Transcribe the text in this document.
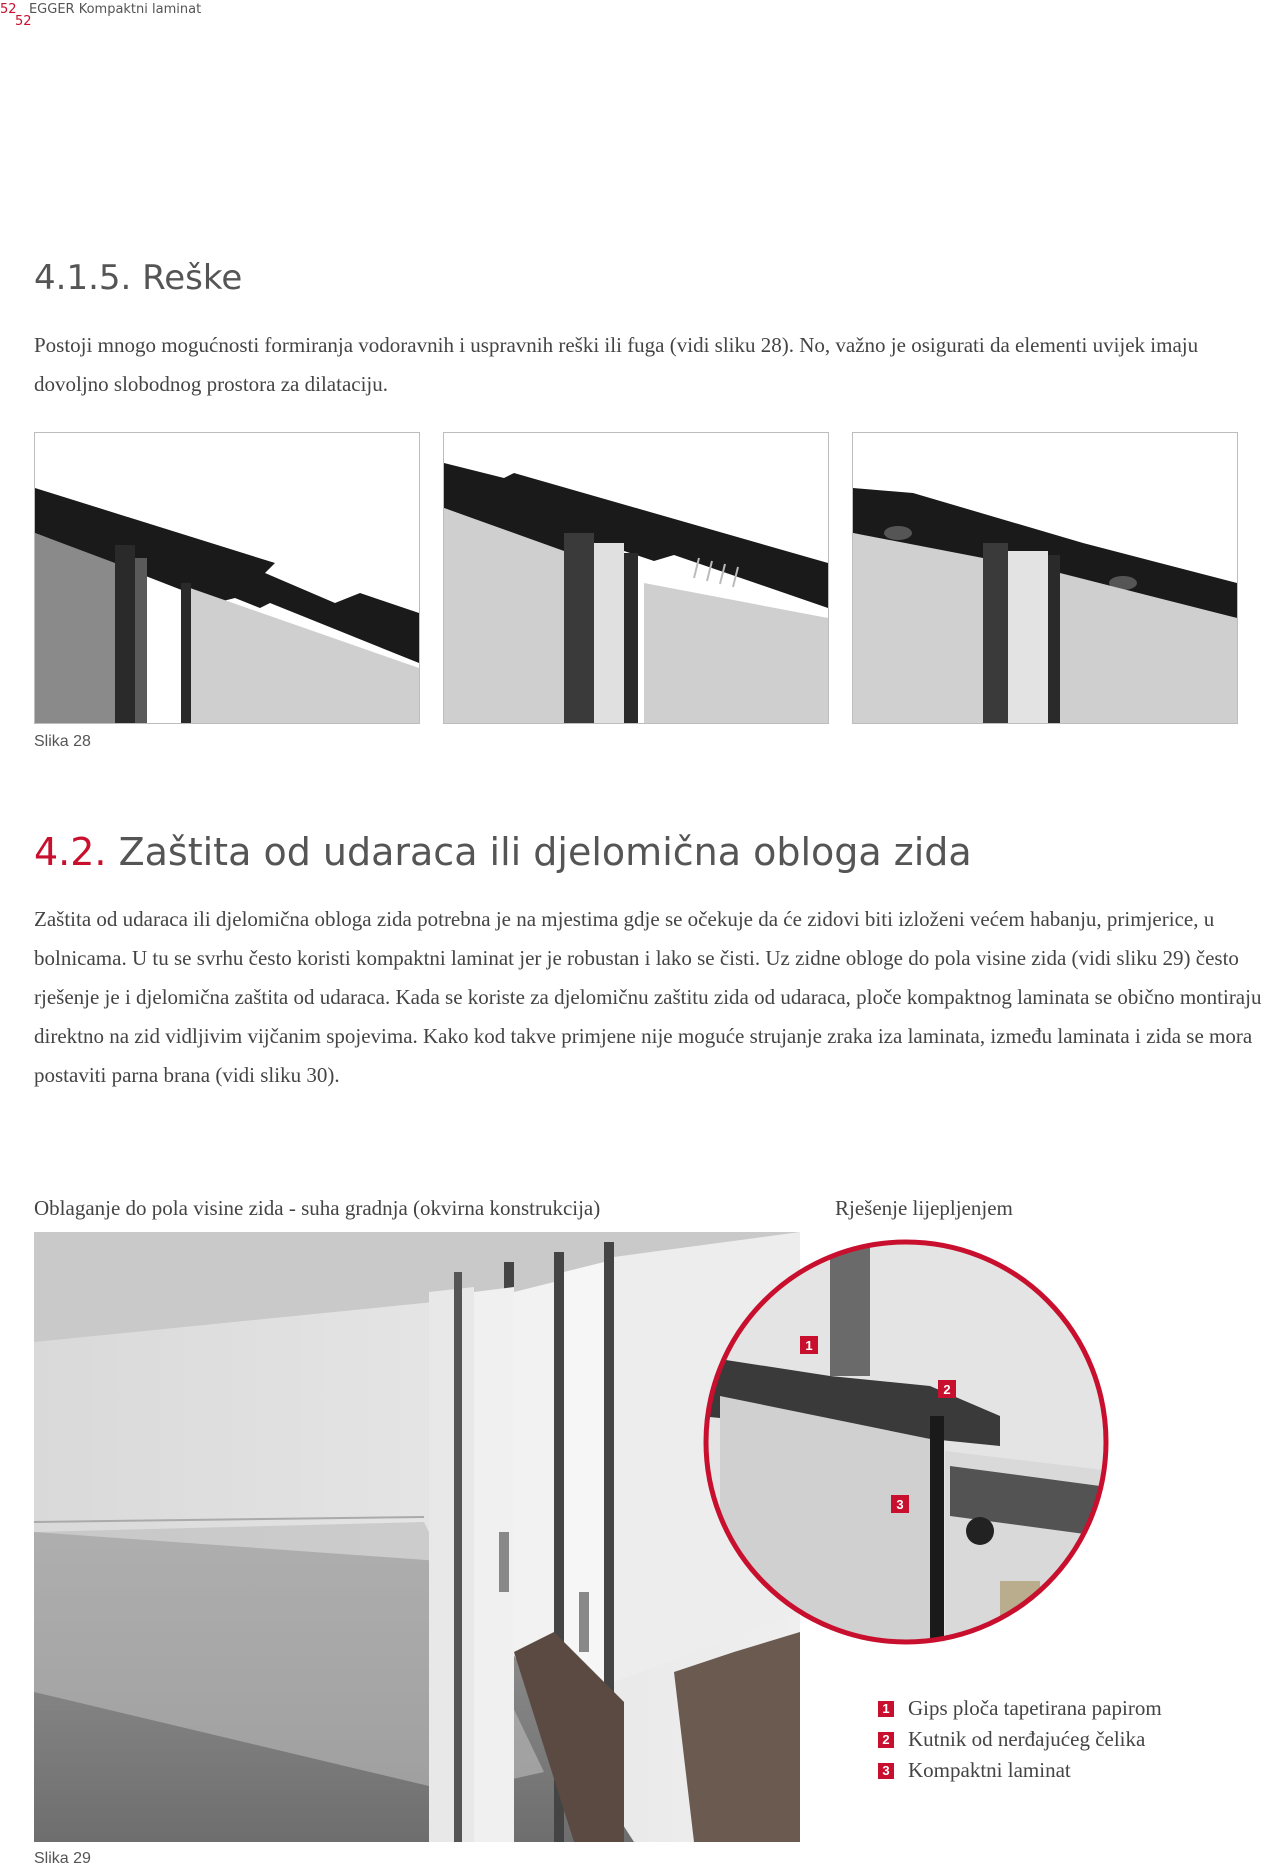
52 EGGER Kompaktni laminat
52
4.1.5. Reške
Postoji mnogo mogućnosti formiranja vodoravnih i uspravnih reški ili fuga (vidi sliku 28). No, važno je osigurati da elementi uvijek imaju dovoljno slobodnog prostora za dilataciju.
Slika 28
4.2. Zaštita od udaraca ili djelomična obloga zida
Zaštita od udaraca ili djelomična obloga zida potrebna je na mjestima gdje se očekuje da će zidovi biti izloženi većem habanju, primjerice, u bolnicama. U tu se svrhu često koristi kompaktni laminat jer je robustan i lako se čisti. Uz zidne obloge do pola visine zida (vidi sliku 29) često rješenje je i djelomična zaštita od udaraca. Kada se koriste za djelomičnu zaštitu zida od udaraca, ploče kompaktnog laminata se obično montiraju direktno na zid vidljivim vijčanim spojevima. Kako kod takve primjene nije moguće strujanje zraka iza laminata, između laminata i zida se mora postaviti parna brana (vidi sliku 30).
Oblaganje do pola visine zida - suha gradnja (okvirna konstrukcija)	Rješenje lijepljenjem
1
2
3
1 Gips ploča tapetirana papirom
2 Kutnik od nerđajućeg čelika
3 Kompaktni laminat
Slika 29
